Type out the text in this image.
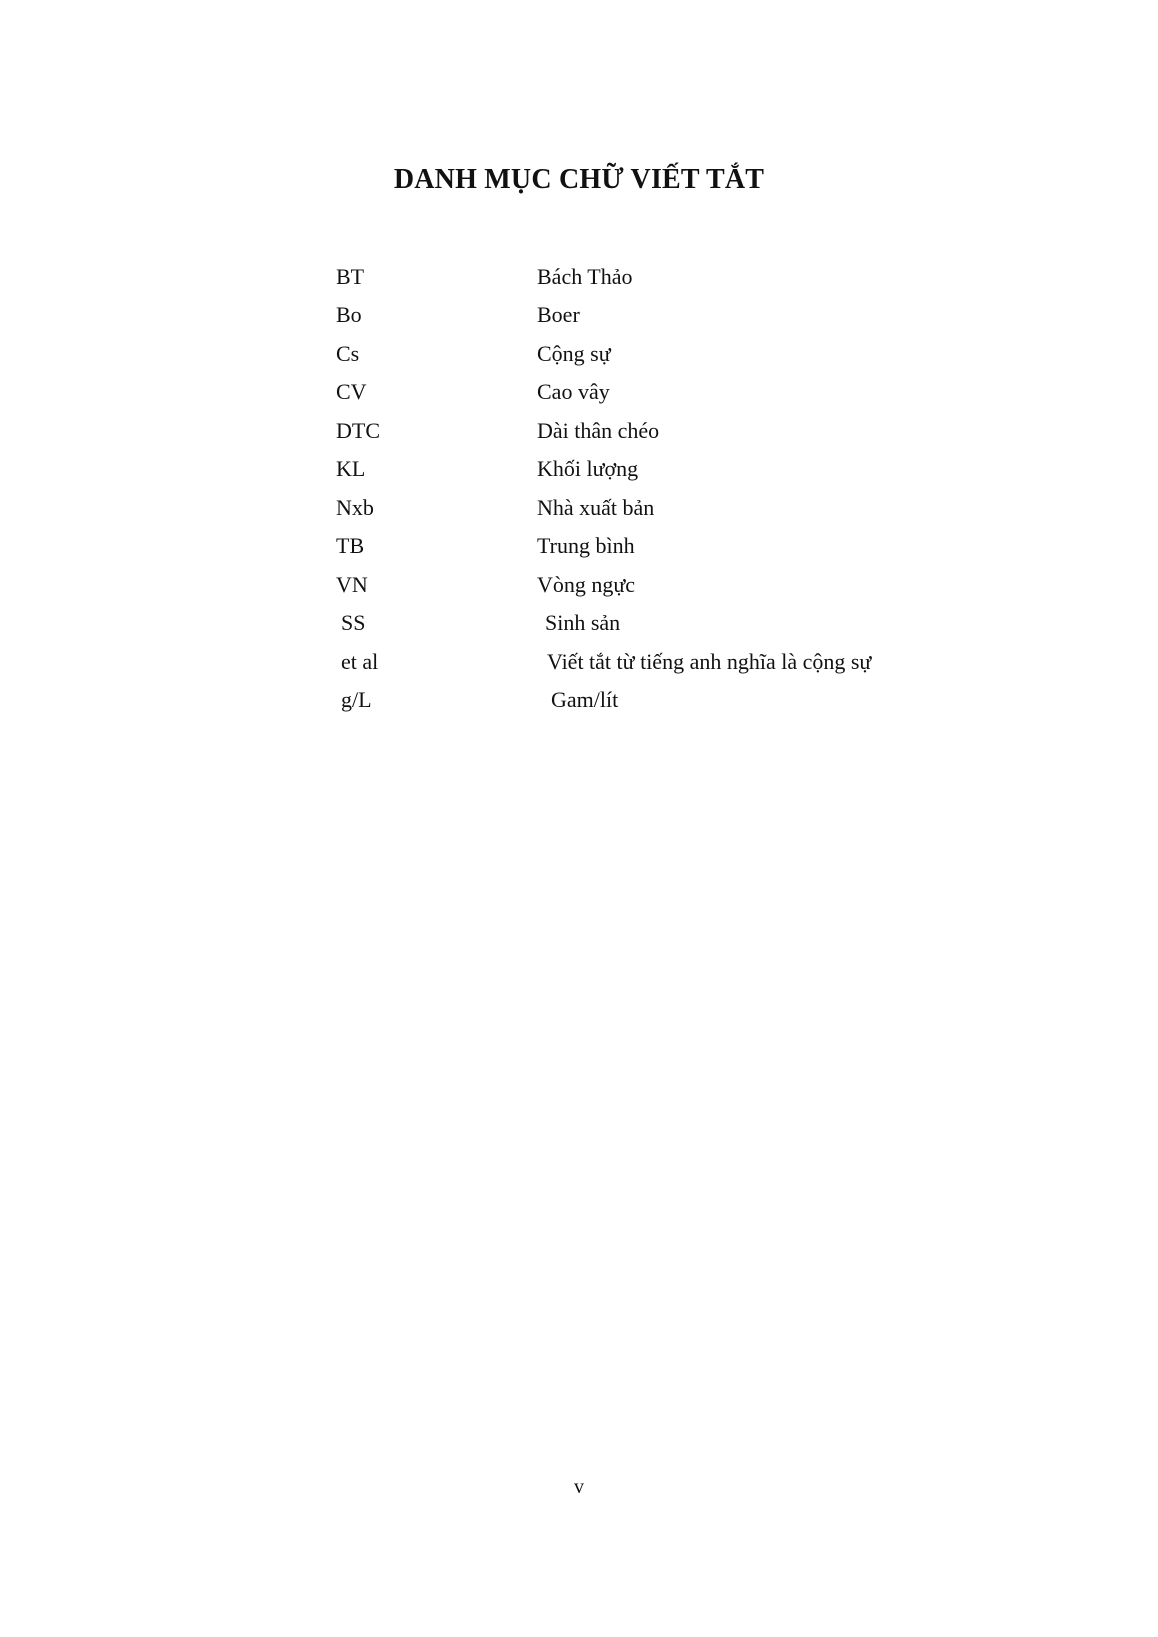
DANH MỤC CHỮ VIẾT TẮT
BT	Bách Thảo
Bo	Boer
Cs	Cộng sự
CV	Cao vây
DTC	Dài thân chéo
KL	Khối lượng
Nxb	Nhà xuất bản
TB	Trung bình
VN	Vòng ngực
SS	Sinh sản
et al	Viết tắt từ tiếng anh nghĩa là cộng sự
g/L	Gam/lít
v
